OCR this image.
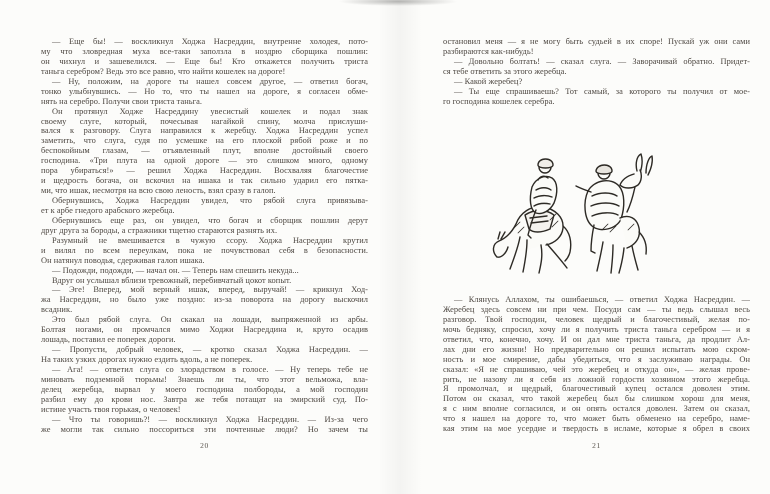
— Еще бы! — воскликнул Ходжа Насреддин, внутренне холодея, пото-
му что зловредная муха все-таки заползла в ноздрю сборщика пошлин:
он чихнул и зашевелился. — Еще бы! Кто откажется получить триста
таньга серебром? Ведь это все равно, что найти кошелек на дороге!
— Ну, положим, на дороге ты нашел совсем другое, — ответил богач,
тонко улыбнувшись. — Но то, что ты нашел на дороге, я согласен обме-
нять на серебро. Получи свои триста таньга.
Он протянул Ходже Насреддину увесистый кошелек и подал знак
своему слуге, который, почесывая нагайкой спину, молча прислуши-
вался к разговору. Слуга направился к жеребцу. Ходжа Насреддин успел
заметить, что слуга, судя по усмешке на его плоской рябой роже и по
беспокойным глазам, — отъявленный плут, вполне достойный своего
господина. «Три плута на одной дороге — это слишком много, одному
пора убираться!» — решил Ходжа Насреддин. Восхваляя благочестие
и щедрость богача, он вскочил на ишака и так сильно ударил его пятка-
ми, что ишак, несмотря на всю свою леность, взял сразу в галоп.
Обернувшись, Ходжа Насреддин увидел, что рябой слуга привязыва-
ет к арбе гнедого арабского жеребца.
Обернувшись еще раз, он увидел, что богач и сборщик пошлин дерут
друг друга за бороды, а стражники тщетно стараются разнять их.
Разумный не вмешивается в чужую ссору. Ходжа Насреддин крутил
и вилял по всем переулкам, пока не почувствовал себя в безопасности.
Он натянул поводья, сдерживая галоп ишака.
— Подожди, подожди, — начал он. — Теперь нам спешить некуда...
Вдруг он услышал вблизи тревожный, перебивчатый цокот копыт.
— Эге! Вперед, мой верный ишак, вперед, выручай! — крикнул Ход-
жа Насреддин, но было уже поздно: из-за поворота на дорогу выскочил
всадник.
Это был рябой слуга. Он скакал на лошади, выпряженной из арбы.
Болтая ногами, он промчался мимо Ходжи Насреддина и, круто осадив
лошадь, поставил ее поперек дороги.
— Пропусти, добрый человек, — кротко сказал Ходжа Насреддин. —
На таких узких дорогах нужно ездить вдоль, а не поперек.
— Ага! — ответил слуга со злорадством в голосе. — Ну теперь тебе не
миновать подземной тюрьмы! Знаешь ли ты, что этот вельможа, вла-
делец жеребца, вырвал у моего господина полбороды, а мой господин
разбил ему до крови нос. Завтра же тебя потащат на эмирский суд. По-
истине участь твоя горькая, о человек!
— Что ты говоришь?! — воскликнул Ходжа Насреддин. — Из-за чего
же могли так сильно поссориться эти почтенные люди? Но зачем ты
20
остановил меня — я не могу быть судьей в их споре! Пускай уж они сами
разбираются как-нибудь!
— Довольно болтать! — сказал слуга. — Заворачивай обратно. Придет-
ся тебе ответить за этого жеребца.
— Какой жеребец?
— Ты еще спрашиваешь? Тот самый, за которого ты получил от мое-
го господина кошелек серебра.
— Клянусь Аллахом, ты ошибаешься, — ответил Ходжа Насреддин. —
Жеребец здесь совсем ни при чем. Посуди сам — ты ведь слышал весь
разговор. Твой господин, человек щедрый и благочестивый, желая по-
мочь бедняку, спросил, хочу ли я получить триста таньга серебром — и я
ответил, что, конечно, хочу. И он дал мне триста таньга, да продлит Ал-
лах дни его жизни! Но предварительно он решил испытать мою скром-
ность и мое смирение, дабы убедиться, что я заслуживаю награды. Он
сказал: «Я не спрашиваю, чей это жеребец и откуда он», — желая прове-
рить, не назову ли я себя из ложной гордости хозяином этого жеребца.
Я промолчал, и щедрый, благочестивый купец остался доволен этим.
Потом он сказал, что такой жеребец был бы слишком хорош для меня,
я с ним вполне согласился, и он опять остался доволен. Затем он сказал,
что я нашел на дороге то, что может быть обменено на серебро, наме-
кая этим на мое усердие и твердость в исламе, которые я обрел в своих
21
